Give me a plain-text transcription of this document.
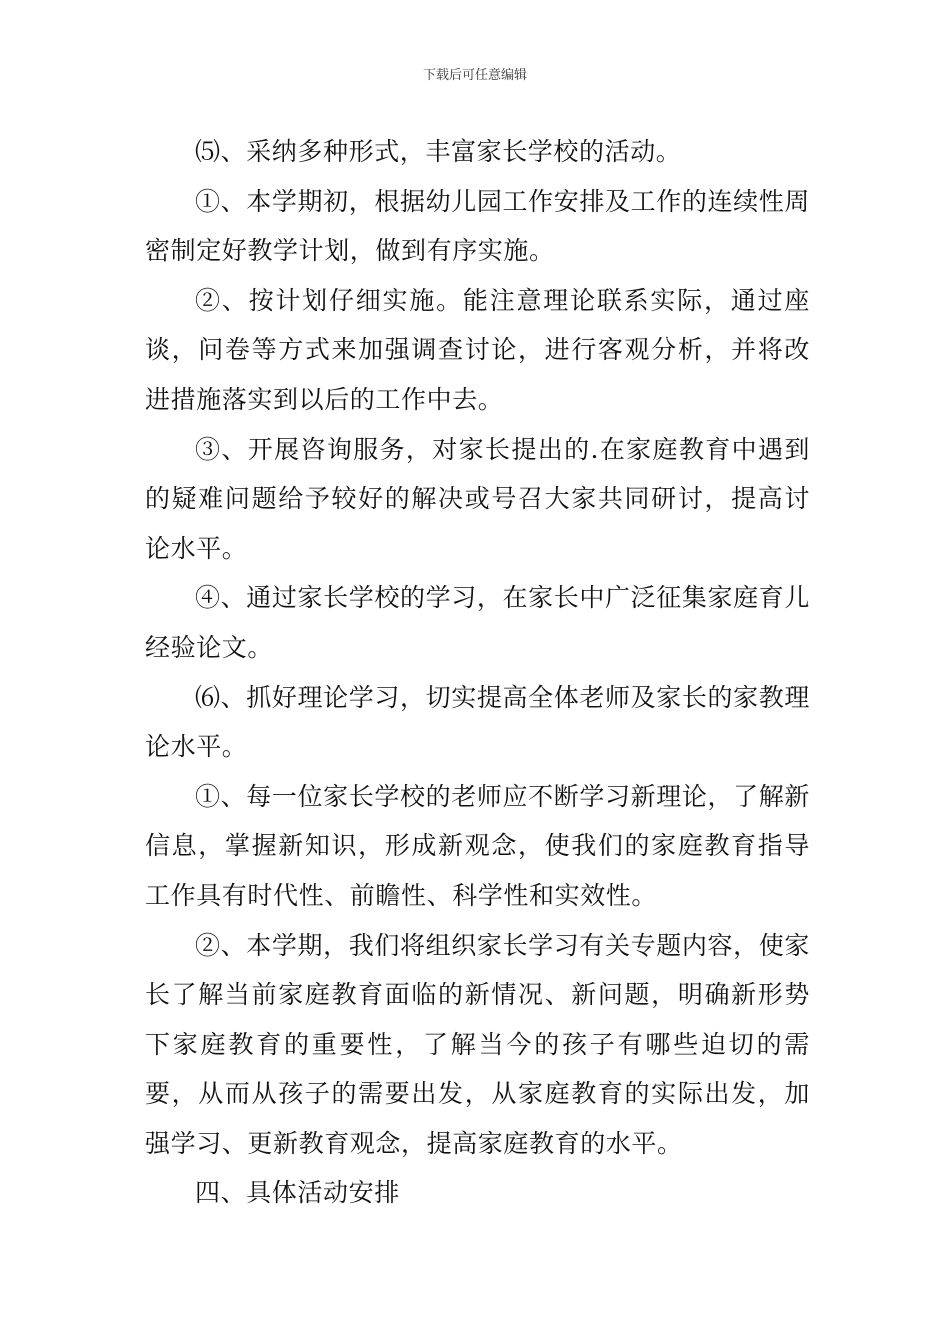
下载后可任意编辑

⑸、采纳多种形式，丰富家长学校的活动。

①、本学期初，根据幼儿园工作安排及工作的连续性周密制定好教学计划，做到有序实施。

②、按计划仔细实施。能注意理论联系实际，通过座谈，问卷等方式来加强调查讨论，进行客观分析，并将改进措施落实到以后的工作中去。

③、开展咨询服务，对家长提出的.在家庭教育中遇到的疑难问题给予较好的解决或号召大家共同研讨，提高讨论水平。

④、通过家长学校的学习，在家长中广泛征集家庭育儿经验论文。

⑹、抓好理论学习，切实提高全体老师及家长的家教理论水平。

①、每一位家长学校的老师应不断学习新理论，了解新信息，掌握新知识，形成新观念，使我们的家庭教育指导工作具有时代性、前瞻性、科学性和实效性。

②、本学期，我们将组织家长学习有关专题内容，使家长了解当前家庭教育面临的新情况、新问题，明确新形势下家庭教育的重要性，了解当今的孩子有哪些迫切的需要，从而从孩子的需要出发，从家庭教育的实际出发，加强学习、更新教育观念，提高家庭教育的水平。

四、具体活动安排
